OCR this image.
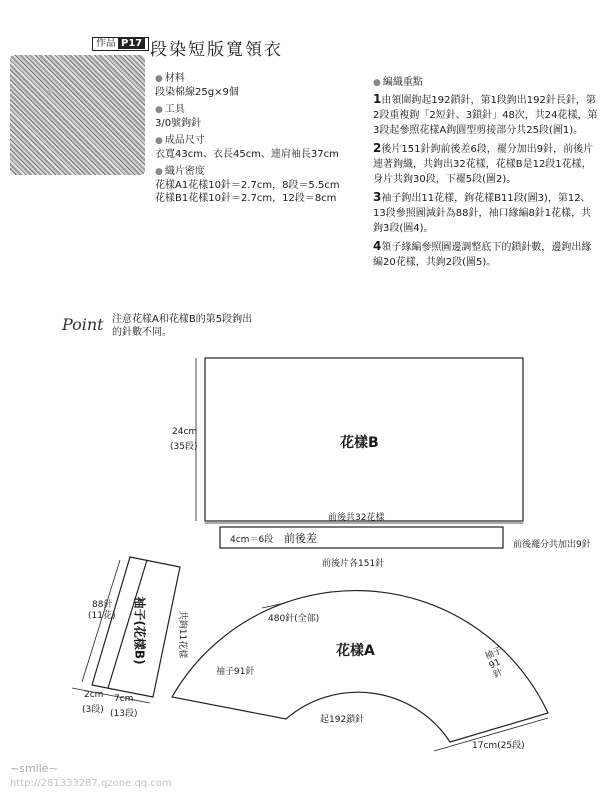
作品 P17 段染短版寬領衣
● 材料
段染棉線25g×9個
● 工具
3/0號鉤針
● 成品尺寸
衣寬43cm、衣長45cm、連肩袖長37cm
● 織片密度
花樣A1花樣10針＝2.7cm，8段＝5.5cm
花樣B1花樣10針＝2.7cm，12段＝8cm
● 編織重點
1由領圍鉤起192鎖針，第1段鉤出192針長針，第2段重複鉤「2短針、3鎖針」48次，共24花樣，第3段起參照花樣A鉤圓型剪接部分共25段(圖1)。
2後片151針鉤前後差6段，襬分加出9針，前後片連著鉤織，共鉤出32花樣，花樣B是12段1花樣，身片共鉤30段，下襬5段(圖2)。
3袖子鉤出11花樣，鉤花樣B11段(圖3)，第12、13段參照圖減針為88針，袖口緣編8針1花樣，共鉤3段(圖4)。
4領子緣編參照圖邊調整底下的鎖針數，邊鉤出緣編20花樣，共鉤2段(圖5)。
Point 注意花樣A和花樣B的第5段鉤出
的針數不同。
24cm
(35段)	花樣B
前後共32花樣
4cm＝6段 前後差	前後襬分共加出9針
前後片各151針
480針(全部)
花樣A
袖子91針
袖子
91
針
起192鎖針
17cm(25段)
88針
(11花) 袖子(花樣B)	共鉤11花樣
2cm
(3段)
7cm
(13段)
~smile~
http://281333287.qzone.qq.com
